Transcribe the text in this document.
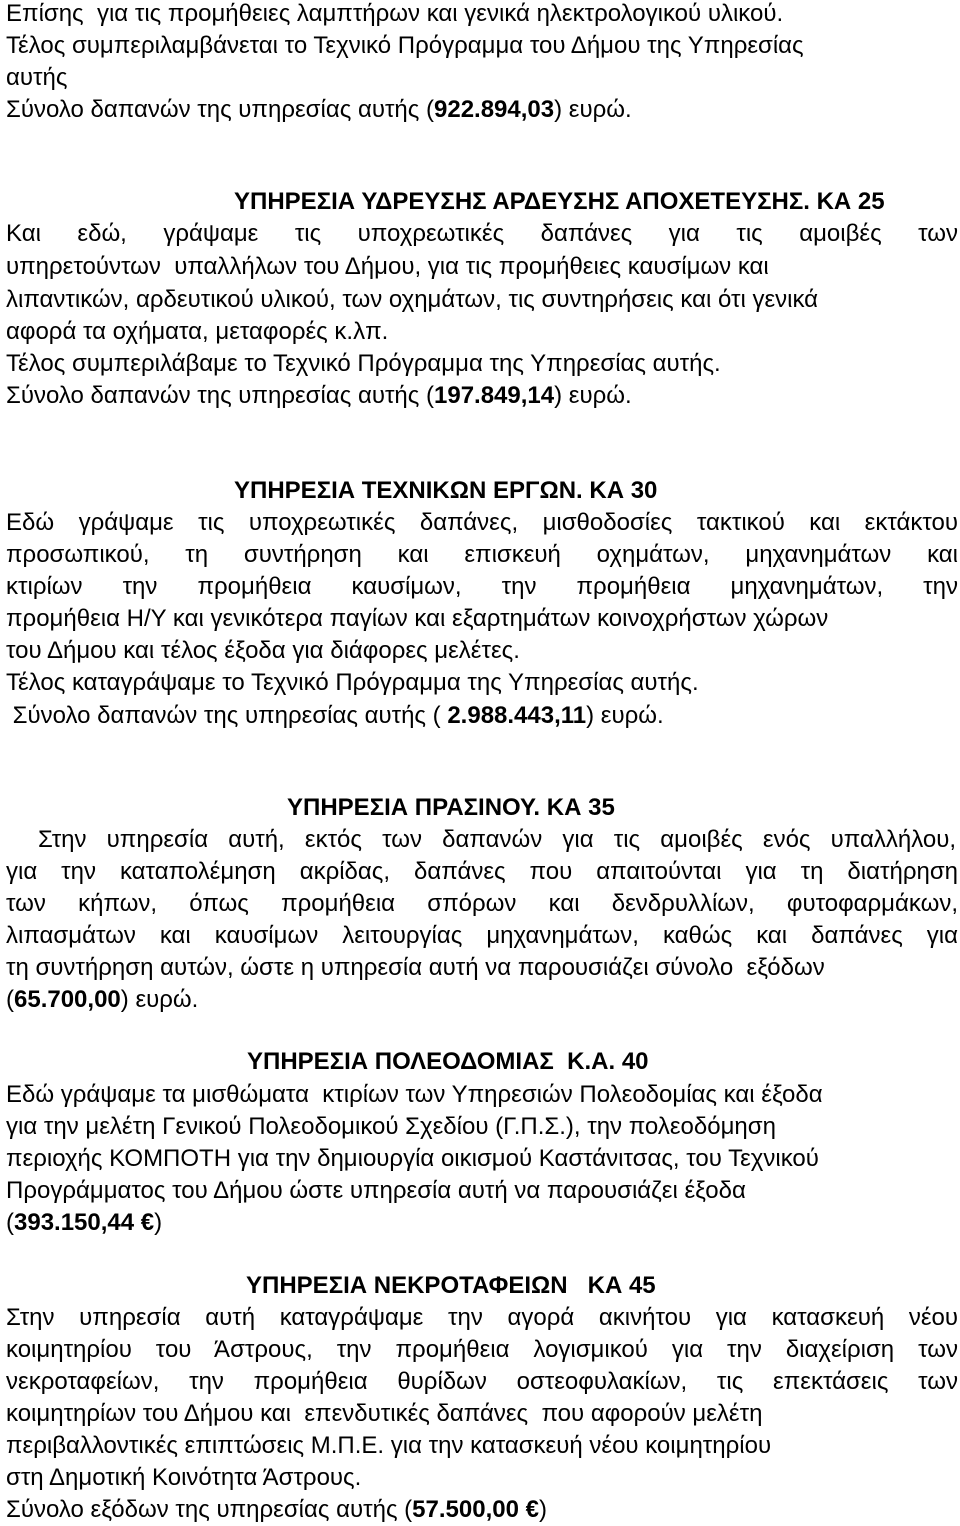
Επίσης  για τις προμήθειες λαμπτήρων και γενικά ηλεκτρολογικού υλικού.
Τέλος συμπεριλαμβάνεται το Τεχνικό Πρόγραμμα του Δήμου της Υπηρεσίας
αυτής
Σύνολο δαπανών της υπηρεσίας αυτής (922.894,03) ευρώ.
ΥΠΗΡΕΣΙΑ ΥΔΡΕΥΣΗΣ ΑΡΔΕΥΣΗΣ ΑΠΟΧΕΤΕΥΣΗΣ. ΚΑ 25
Και εδώ, γράψαμε τις υποχρεωτικές δαπάνες για τις αμοιβές των
υπηρετούντων  υπαλλήλων του Δήμου, για τις προμήθειες καυσίμων και
λιπαντικών, αρδευτικού υλικού, των οχημάτων, τις συντηρήσεις και ότι γενικά
αφορά τα οχήματα, μεταφορές κ.λπ.
Τέλος συμπεριλάβαμε το Τεχνικό Πρόγραμμα της Υπηρεσίας αυτής.
Σύνολο δαπανών της υπηρεσίας αυτής (197.849,14) ευρώ.
ΥΠΗΡΕΣΙΑ ΤΕΧΝΙΚΩΝ ΕΡΓΩΝ. ΚΑ 30
Εδώ γράψαμε τις υποχρεωτικές δαπάνες, μισθοδοσίες τακτικού και εκτάκτου
προσωπικού, τη συντήρηση και επισκευή οχημάτων, μηχανημάτων και
κτιρίων την προμήθεια καυσίμων, την προμήθεια μηχανημάτων, την
προμήθεια Η/Υ και γενικότερα παγίων και εξαρτημάτων κοινοχρήστων χώρων
του Δήμου και τέλος έξοδα για διάφορες μελέτες.
Τέλος καταγράψαμε το Τεχνικό Πρόγραμμα της Υπηρεσίας αυτής.
Σύνολο δαπανών της υπηρεσίας αυτής ( 2.988.443,11) ευρώ.
ΥΠΗΡΕΣΙΑ ΠΡΑΣΙΝΟΥ. ΚΑ 35
Στην υπηρεσία αυτή, εκτός των δαπανών για τις αμοιβές ενός υπαλλήλου,
για την καταπολέμηση ακρίδας, δαπάνες που απαιτούνται για τη διατήρηση
των κήπων, όπως προμήθεια σπόρων και δενδρυλλίων, φυτοφαρμάκων,
λιπασμάτων και καυσίμων λειτουργίας μηχανημάτων, καθώς και δαπάνες για
τη συντήρηση αυτών, ώστε η υπηρεσία αυτή να παρουσιάζει σύνολο  εξόδων
(65.700,00) ευρώ.
ΥΠΗΡΕΣΙΑ ΠΟΛΕΟΔΟΜΙΑΣ  Κ.Α. 40
Εδώ γράψαμε τα μισθώματα  κτιρίων των Υπηρεσιών Πολεοδομίας και έξοδα
για την μελέτη Γενικού Πολεοδομικού Σχεδίου (Γ.Π.Σ.), την πολεοδόμηση
περιοχής ΚΟΜΠΟΤΗ για την δημιουργία οικισμού Καστάνιτσας, του Τεχνικού
Προγράμματος του Δήμου ώστε υπηρεσία αυτή να παρουσιάζει έξοδα
(393.150,44 €)
ΥΠΗΡΕΣΙΑ ΝΕΚΡΟΤΑΦΕΙΩΝ   ΚΑ 45
Στην υπηρεσία αυτή καταγράψαμε την αγορά ακινήτου για κατασκευή νέου
κοιμητηρίου του Άστρους, την προμήθεια λογισμικού για την διαχείριση των
νεκροταφείων, την προμήθεια θυρίδων οστεοφυλακίων, τις επεκτάσεις των
κοιμητηρίων του Δήμου και  επενδυτικές δαπάνες  που αφορούν μελέτη
περιβαλλοντικές επιπτώσεις Μ.Π.Ε. για την κατασκευή νέου κοιμητηρίου
στη Δημοτική Κοινότητα Άστρους.
Σύνολο εξόδων της υπηρεσίας αυτής (57.500,00 €)
